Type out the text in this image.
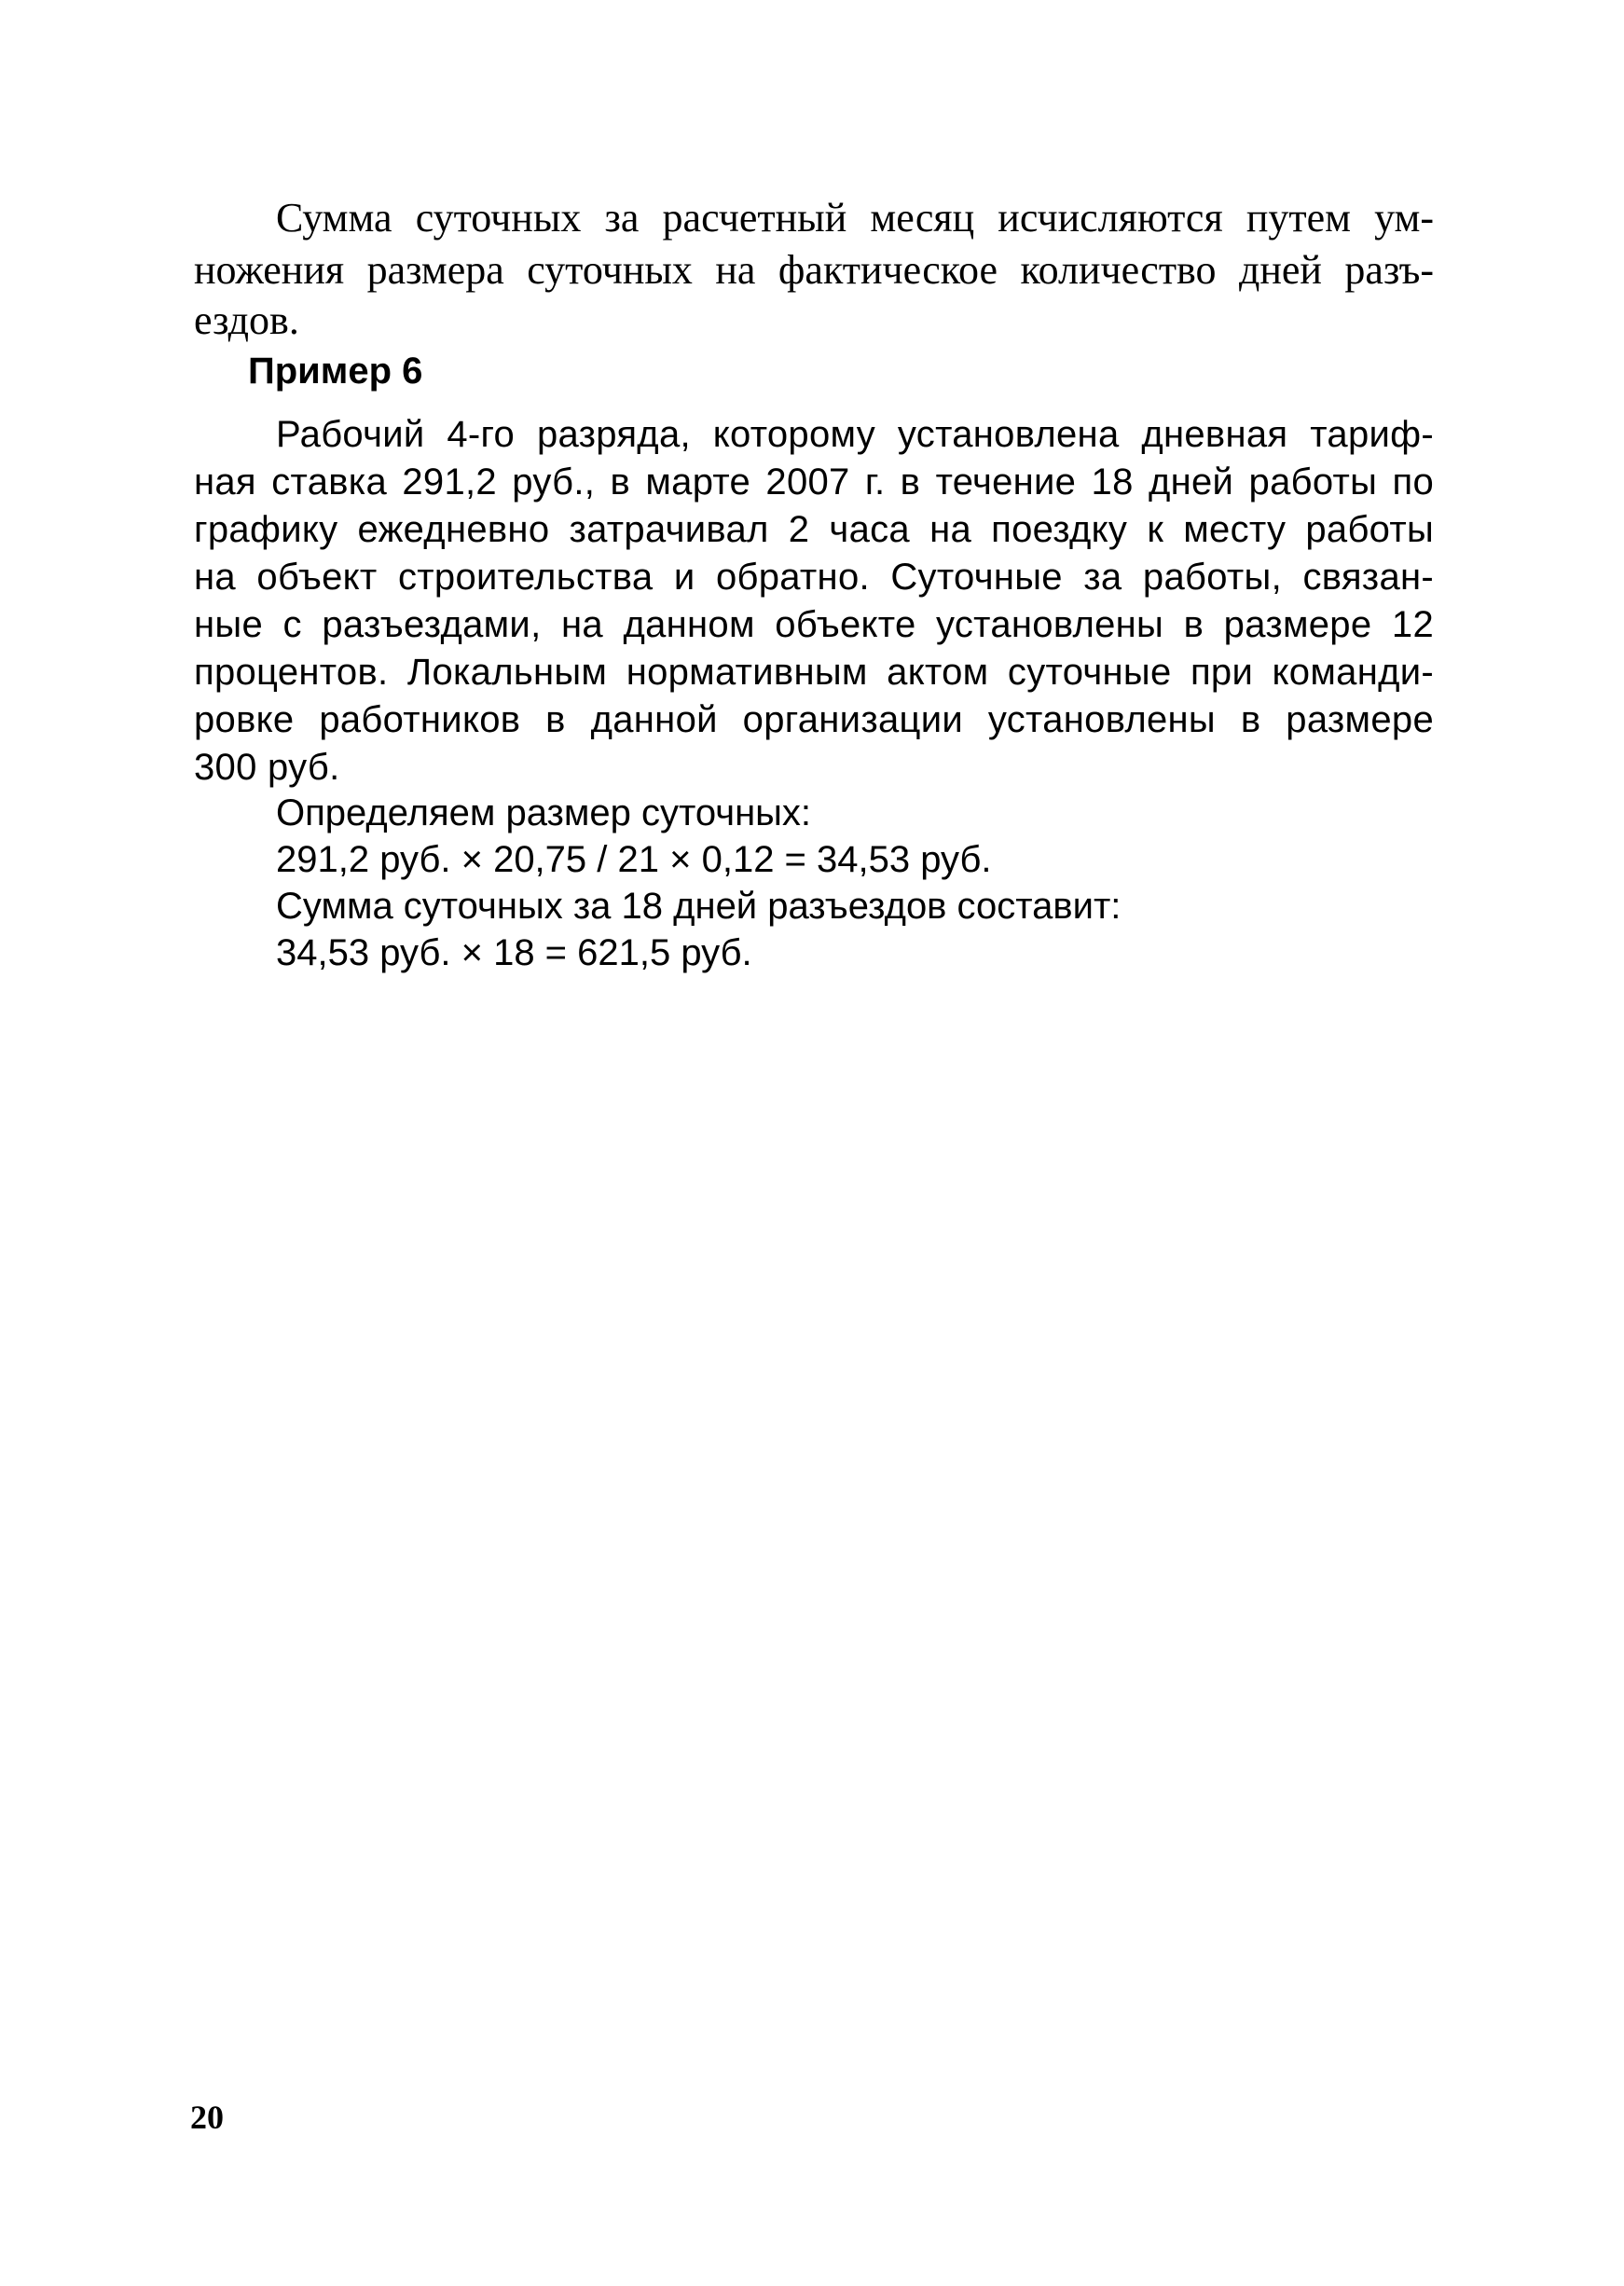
Сумма суточных за расчетный месяц исчисляются путем ум-
ножения размера суточных на фактическое количество дней разъ-
ездов.
Пример 6
Рабочий 4-го разряда, которому установлена дневная тариф-
ная ставка 291,2 руб., в марте 2007 г. в течение 18 дней работы по
графику ежедневно затрачивал 2 часа на поездку к месту работы
на объект строительства и обратно. Суточные за работы, связан-
ные с разъездами, на данном объекте установлены в размере 12
процентов. Локальным нормативным актом суточные при команди-
ровке работников в данной организации установлены в размере
300 руб.
Определяем размер суточных:
291,2 руб. × 20,75 / 21 × 0,12 = 34,53 руб.
Сумма суточных за 18 дней разъездов составит:
34,53 руб. × 18 = 621,5 руб.
20
